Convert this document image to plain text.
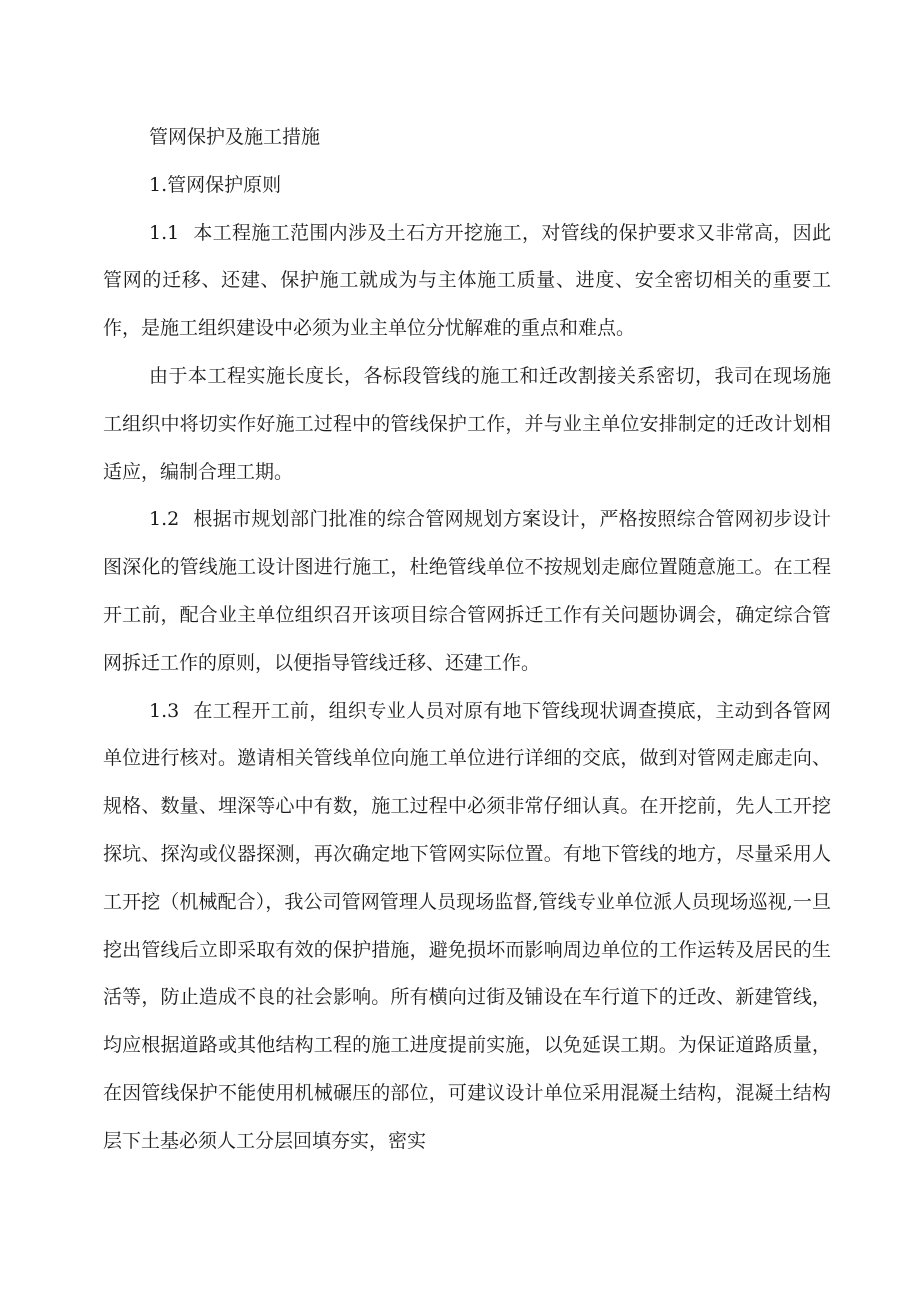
管网保护及施工措施

1.管网保护原则

1.1 本工程施工范围内涉及土石方开挖施工，对管线的保护要求又非常高，因此管网的迁移、还建、保护施工就成为与主体施工质量、进度、安全密切相关的重要工作，是施工组织建设中必须为业主单位分忧解难的重点和难点。

由于本工程实施长度长，各标段管线的施工和迁改割接关系密切，我司在现场施工组织中将切实作好施工过程中的管线保护工作，并与业主单位安排制定的迁改计划相适应，编制合理工期。

1.2 根据市规划部门批准的综合管网规划方案设计，严格按照综合管网初步设计图深化的管线施工设计图进行施工，杜绝管线单位不按规划走廊位置随意施工。在工程开工前，配合业主单位组织召开该项目综合管网拆迁工作有关问题协调会，确定综合管网拆迁工作的原则，以便指导管线迁移、还建工作。

1.3 在工程开工前，组织专业人员对原有地下管线现状调查摸底，主动到各管网单位进行核对。邀请相关管线单位向施工单位进行详细的交底，做到对管网走廊走向、规格、数量、埋深等心中有数，施工过程中必须非常仔细认真。在开挖前，先人工开挖探坑、探沟或仪器探测，再次确定地下管网实际位置。有地下管线的地方，尽量采用人工开挖（机械配合），我公司管网管理人员现场监督,管线专业单位派人员现场巡视,一旦挖出管线后立即采取有效的保护措施，避免损坏而影响周边单位的工作运转及居民的生活等，防止造成不良的社会影响。所有横向过街及铺设在车行道下的迁改、新建管线，均应根据道路或其他结构工程的施工进度提前实施，以免延误工期。为保证道路质量，在因管线保护不能使用机械碾压的部位，可建议设计单位采用混凝土结构，混凝土结构层下土基必须人工分层回填夯实，密实
